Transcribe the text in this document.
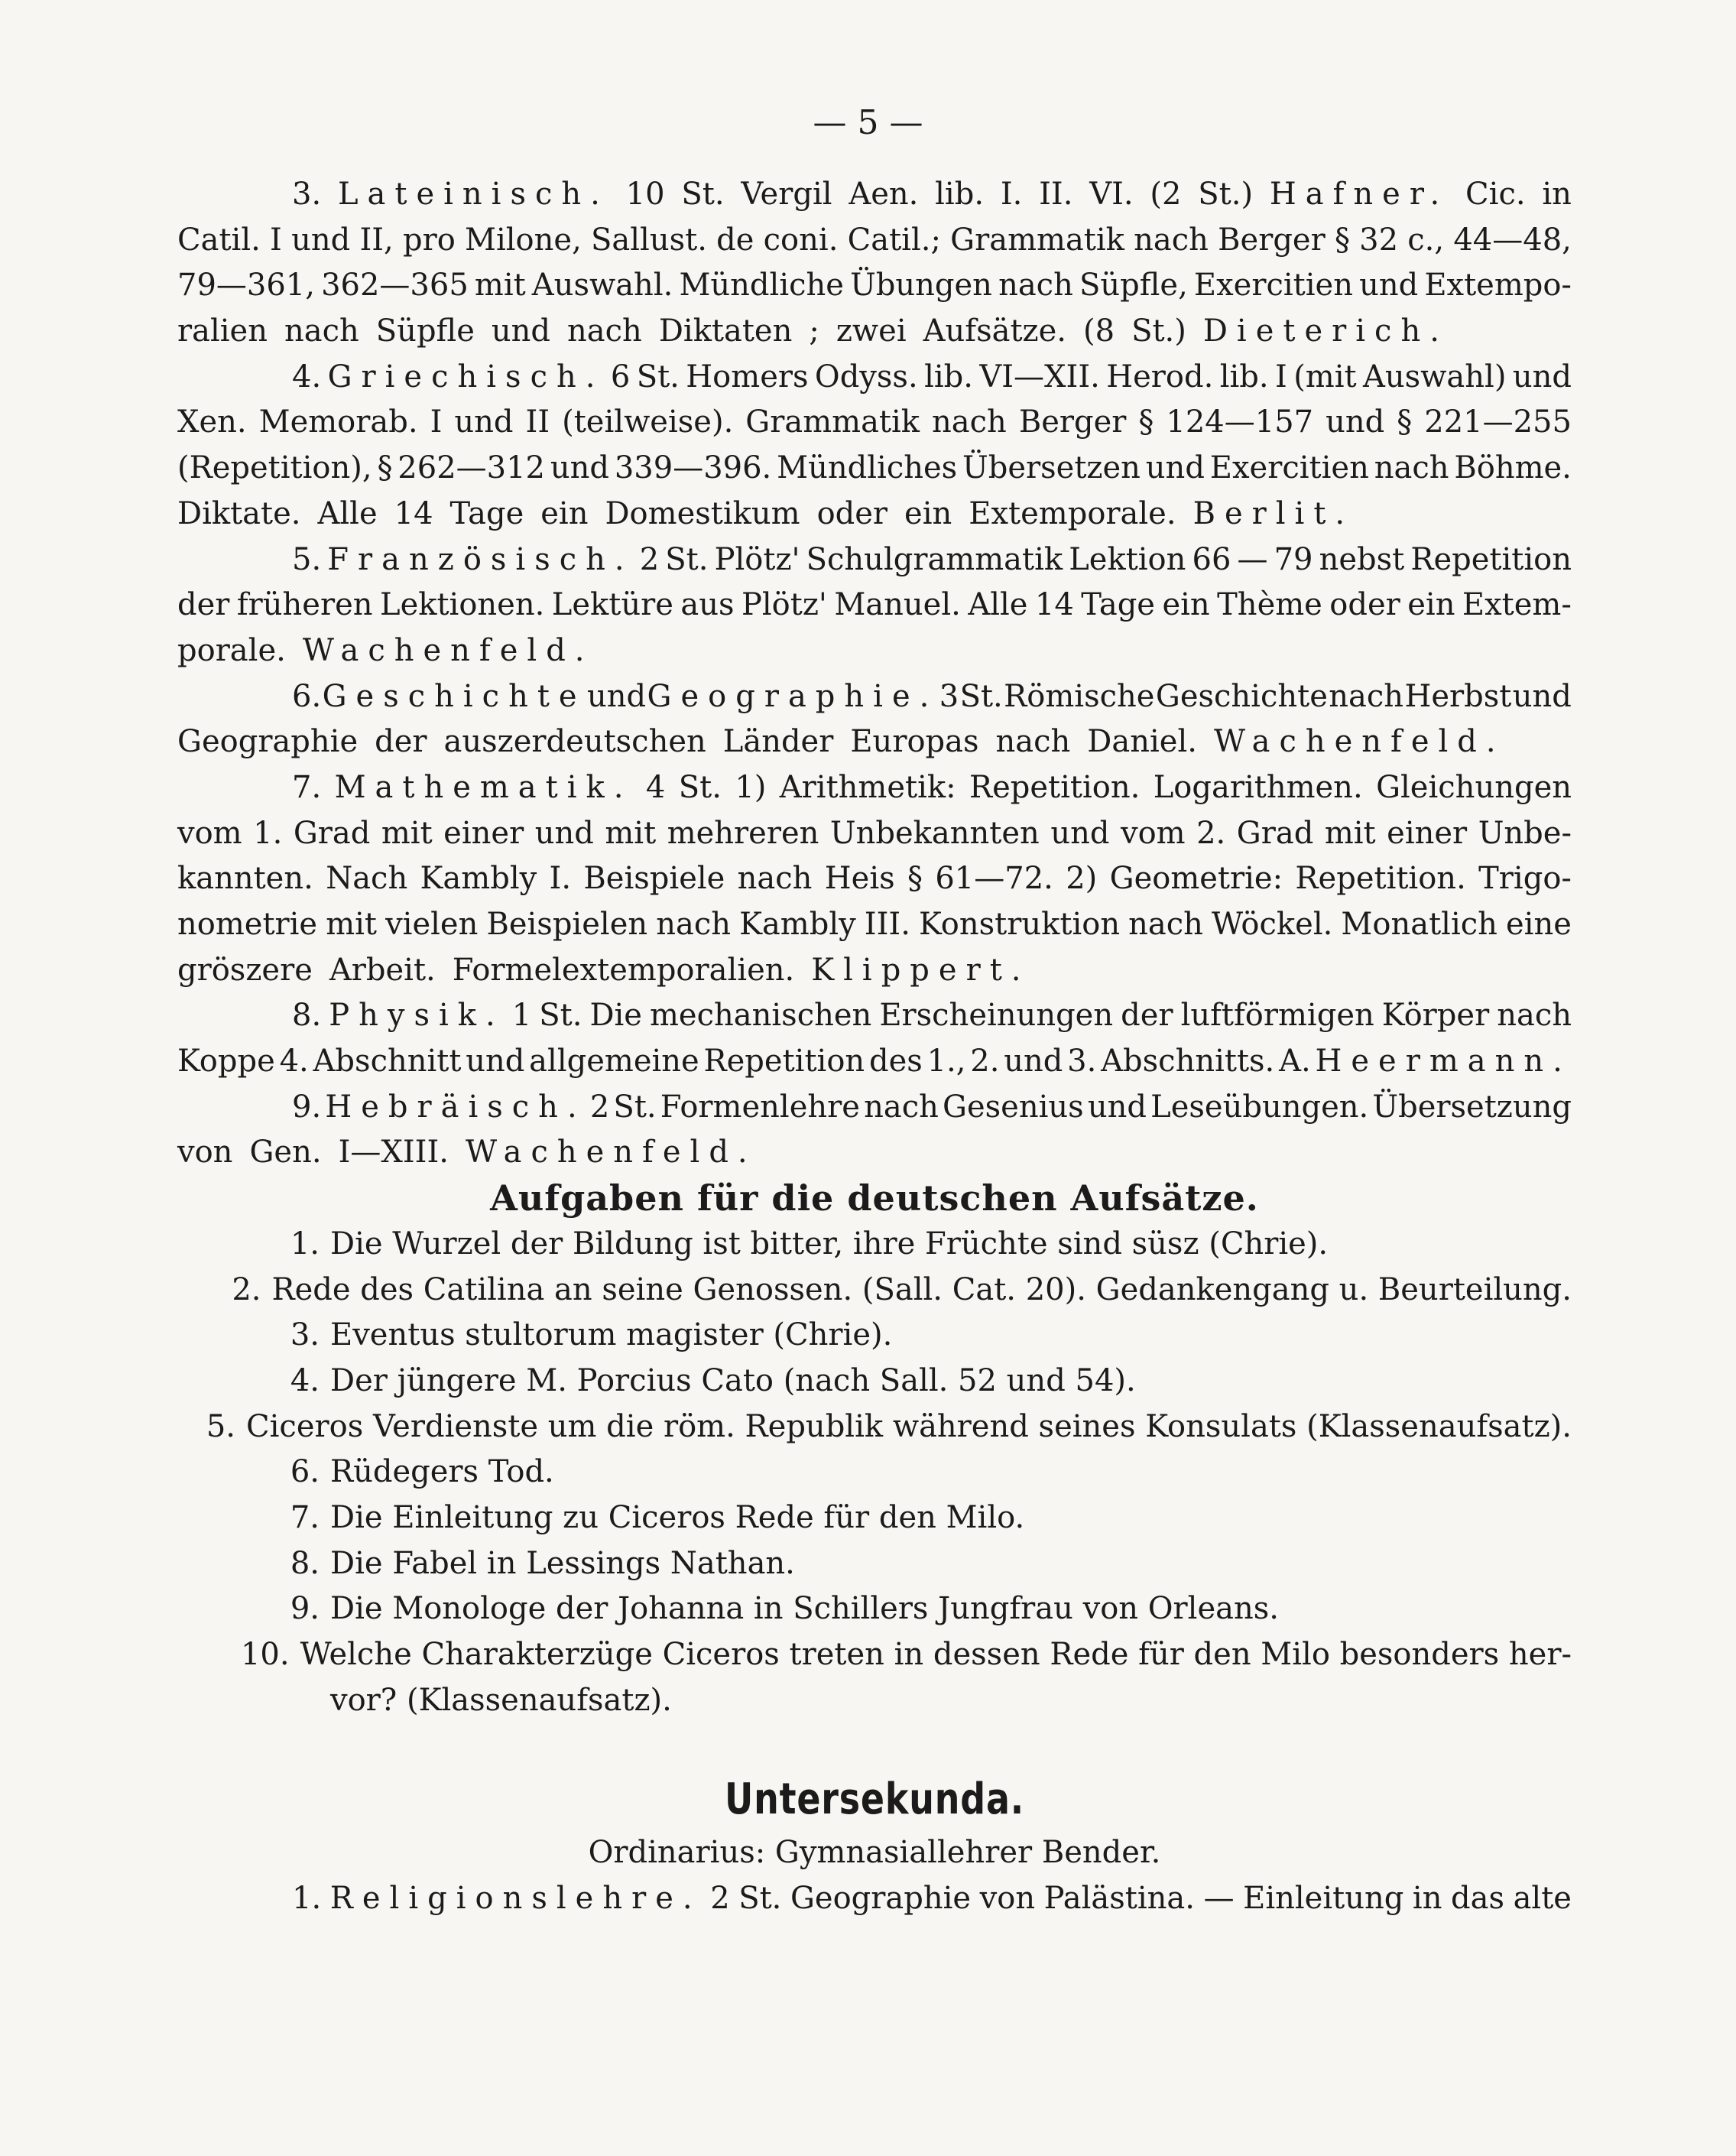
— 5 —
3. Lateinisch. 10 St. Vergil Aen. lib. I. II. VI. (2 St.) Hafner. Cic. in
Catil. I und II, pro Milone, Sallust. de coni. Catil.; Grammatik nach Berger § 32 c., 44—48,
79—361, 362—365 mit Auswahl. Mündliche Übungen nach Süpfle, Exercitien und Extempo-
ralien nach Süpfle und nach Diktaten ; zwei Aufsätze. (8 St.) Dieterich.
4. Griechisch. 6 St. Homers Odyss. lib. VI—XII. Herod. lib. I (mit Auswahl) und
Xen. Memorab. I und II (teilweise). Grammatik nach Berger § 124—157 und § 221—255
(Repetition), § 262—312 und 339—396. Mündliches Übersetzen und Exercitien nach Böhme.
Diktate. Alle 14 Tage ein Domestikum oder ein Extemporale. Berlit.
5. Französisch. 2 St. Plötz' Schulgrammatik Lektion 66 — 79 nebst Repetition
der früheren Lektionen. Lektüre aus Plötz' Manuel. Alle 14 Tage ein Thème oder ein Extem-
porale. Wachenfeld.
6. Geschichte und Geographie. 3 St. Römische Geschichte nach Herbst und
Geographie der auszerdeutschen Länder Europas nach Daniel. Wachenfeld.
7. Mathematik. 4 St. 1) Arithmetik: Repetition. Logarithmen. Gleichungen
vom 1. Grad mit einer und mit mehreren Unbekannten und vom 2. Grad mit einer Unbe-
kannten. Nach Kambly I. Beispiele nach Heis § 61—72. 2) Geometrie: Repetition. Trigo-
nometrie mit vielen Beispielen nach Kambly III. Konstruktion nach Wöckel. Monatlich eine
gröszere Arbeit. Formelextemporalien. Klippert.
8. Physik. 1 St. Die mechanischen Erscheinungen der luftförmigen Körper nach
Koppe 4. Abschnitt und allgemeine Repetition des 1., 2. und 3. Abschnitts. A. Heermann.
9. Hebräisch. 2 St. Formenlehre nach Gesenius und Leseübungen. Übersetzung
von Gen. I—XIII. Wachenfeld.
Aufgaben für die deutschen Aufsätze.
1. Die Wurzel der Bildung ist bitter, ihre Früchte sind süsz (Chrie).
2. Rede des Catilina an seine Genossen. (Sall. Cat. 20). Gedankengang u. Beurteilung.
3. Eventus stultorum magister (Chrie).
4. Der jüngere M. Porcius Cato (nach Sall. 52 und 54).
5. Ciceros Verdienste um die röm. Republik während seines Konsulats (Klassenaufsatz).
6. Rüdegers Tod.
7. Die Einleitung zu Ciceros Rede für den Milo.
8. Die Fabel in Lessings Nathan.
9. Die Monologe der Johanna in Schillers Jungfrau von Orleans.
10. Welche Charakterzüge Ciceros treten in dessen Rede für den Milo besonders her-
vor? (Klassenaufsatz).
Untersekunda.
Ordinarius: Gymnasiallehrer Bender.
1. Religionslehre. 2 St. Geographie von Palästina. — Einleitung in das alte
